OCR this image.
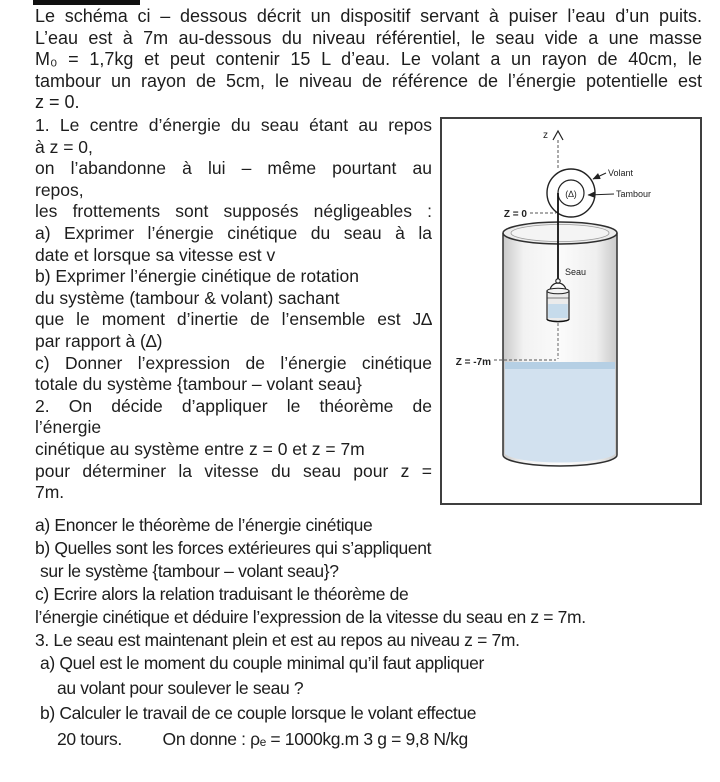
Le schéma ci – dessous décrit un dispositif servant à puiser l’eau d’un puits.
L’eau est à 7m au-dessous du niveau référentiel, le seau vide a une masse
M₀ = 1,7kg et peut contenir 15 L d’eau. Le volant a un rayon de 40cm, le
tambour un rayon de 5cm, le niveau de référence de l’énergie potentielle est
z = 0.
1. Le centre d’énergie du seau étant au repos
à z = 0,
on l’abandonne à lui – même pourtant au
repos,
les frottements sont supposés négligeables :
a) Exprimer l’énergie cinétique du seau à la
date et lorsque sa vitesse est v
b) Exprimer l’énergie cinétique de rotation
du système (tambour & volant) sachant
que le moment d’inertie de l’ensemble est J∆
par rapport à (∆)
c) Donner l’expression de l’énergie cinétique
totale du système {tambour – volant seau}
2. On décide d’appliquer le théorème de
l’énergie
cinétique au système entre z = 0 et z = 7m
pour déterminer la vitesse du seau pour z =
7m.
a) Enoncer le théorème de l’énergie cinétique
b) Quelles sont les forces extérieures qui s’appliquent
sur le système {tambour – volant seau}?
c) Ecrire alors la relation traduisant le théorème de
l’énergie cinétique et déduire l’expression de la vitesse du seau en z = 7m.
3. Le seau est maintenant plein et est au repos au niveau z = 7m.
a) Quel est le moment du couple minimal qu’il faut appliquer
au volant pour soulever le seau ?
b) Calculer le travail de ce couple lorsque le volant effectue
20 tours.         On donne : ρₑ = 1000kg.m 3 g = 9,8 N/kg
z
(∆)
Volant
Tambour
Z = 0
Z = -7m
Seau
